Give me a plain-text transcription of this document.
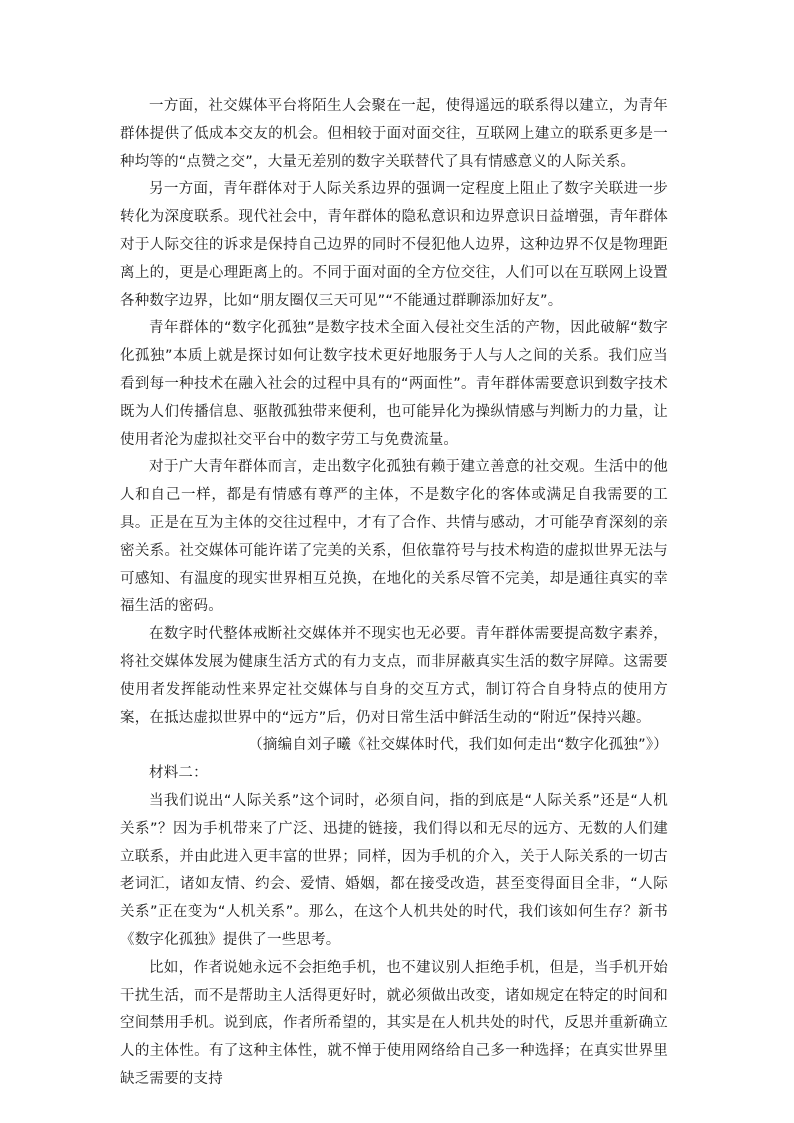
一方面，社交媒体平台将陌生人会聚在一起，使得遥远的联系得以建立，为青年群体提供了低成本交友的机会。但相较于面对面交往，互联网上建立的联系更多是一种均等的“点赞之交”，大量无差别的数字关联替代了具有情感意义的人际关系。

另一方面，青年群体对于人际关系边界的强调一定程度上阻止了数字关联进一步转化为深度联系。现代社会中，青年群体的隐私意识和边界意识日益增强，青年群体对于人际交往的诉求是保持自己边界的同时不侵犯他人边界，这种边界不仅是物理距离上的，更是心理距离上的。不同于面对面的全方位交往，人们可以在互联网上设置各种数字边界，比如“朋友圈仅三天可见”“不能通过群聊添加好友”。

青年群体的“数字化孤独”是数字技术全面入侵社交生活的产物，因此破解“数字化孤独”本质上就是探讨如何让数字技术更好地服务于人与人之间的关系。我们应当看到每一种技术在融入社会的过程中具有的“两面性”。青年群体需要意识到数字技术既为人们传播信息、驱散孤独带来便利，也可能异化为操纵情感与判断力的力量，让使用者沦为虚拟社交平台中的数字劳工与免费流量。

对于广大青年群体而言，走出数字化孤独有赖于建立善意的社交观。生活中的他人和自己一样，都是有情感有尊严的主体，不是数字化的客体或满足自我需要的工具。正是在互为主体的交往过程中，才有了合作、共情与感动，才可能孕育深刻的亲密关系。社交媒体可能许诺了完美的关系，但依靠符号与技术构造的虚拟世界无法与可感知、有温度的现实世界相互兑换，在地化的关系尽管不完美，却是通往真实的幸福生活的密码。

在数字时代整体戒断社交媒体并不现实也无必要。青年群体需要提高数字素养，将社交媒体发展为健康生活方式的有力支点，而非屏蔽真实生活的数字屏障。这需要使用者发挥能动性来界定社交媒体与自身的交互方式，制订符合自身特点的使用方案，在抵达虚拟世界中的“远方”后，仍对日常生活中鲜活生动的“附近”保持兴趣。

（摘编自刘子曦《社交媒体时代，我们如何走出“数字化孤独”》）

材料二：

当我们说出“人际关系”这个词时，必须自问，指的到底是“人际关系”还是“人机关系”？因为手机带来了广泛、迅捷的链接，我们得以和无尽的远方、无数的人们建立联系，并由此进入更丰富的世界；同样，因为手机的介入，关于人际关系的一切古老词汇，诸如友情、约会、爱情、婚姻，都在接受改造，甚至变得面目全非，“人际关系”正在变为“人机关系”。那么，在这个人机共处的时代，我们该如何生存？新书《数字化孤独》提供了一些思考。

比如，作者说她永远不会拒绝手机，也不建议别人拒绝手机，但是，当手机开始干扰生活，而不是帮助主人活得更好时，就必须做出改变，诸如规定在特定的时间和空间禁用手机。说到底，作者所希望的，其实是在人机共处的时代，反思并重新确立人的主体性。有了这种主体性，就不惮于使用网络给自己多一种选择；在真实世界里缺乏需要的支持
